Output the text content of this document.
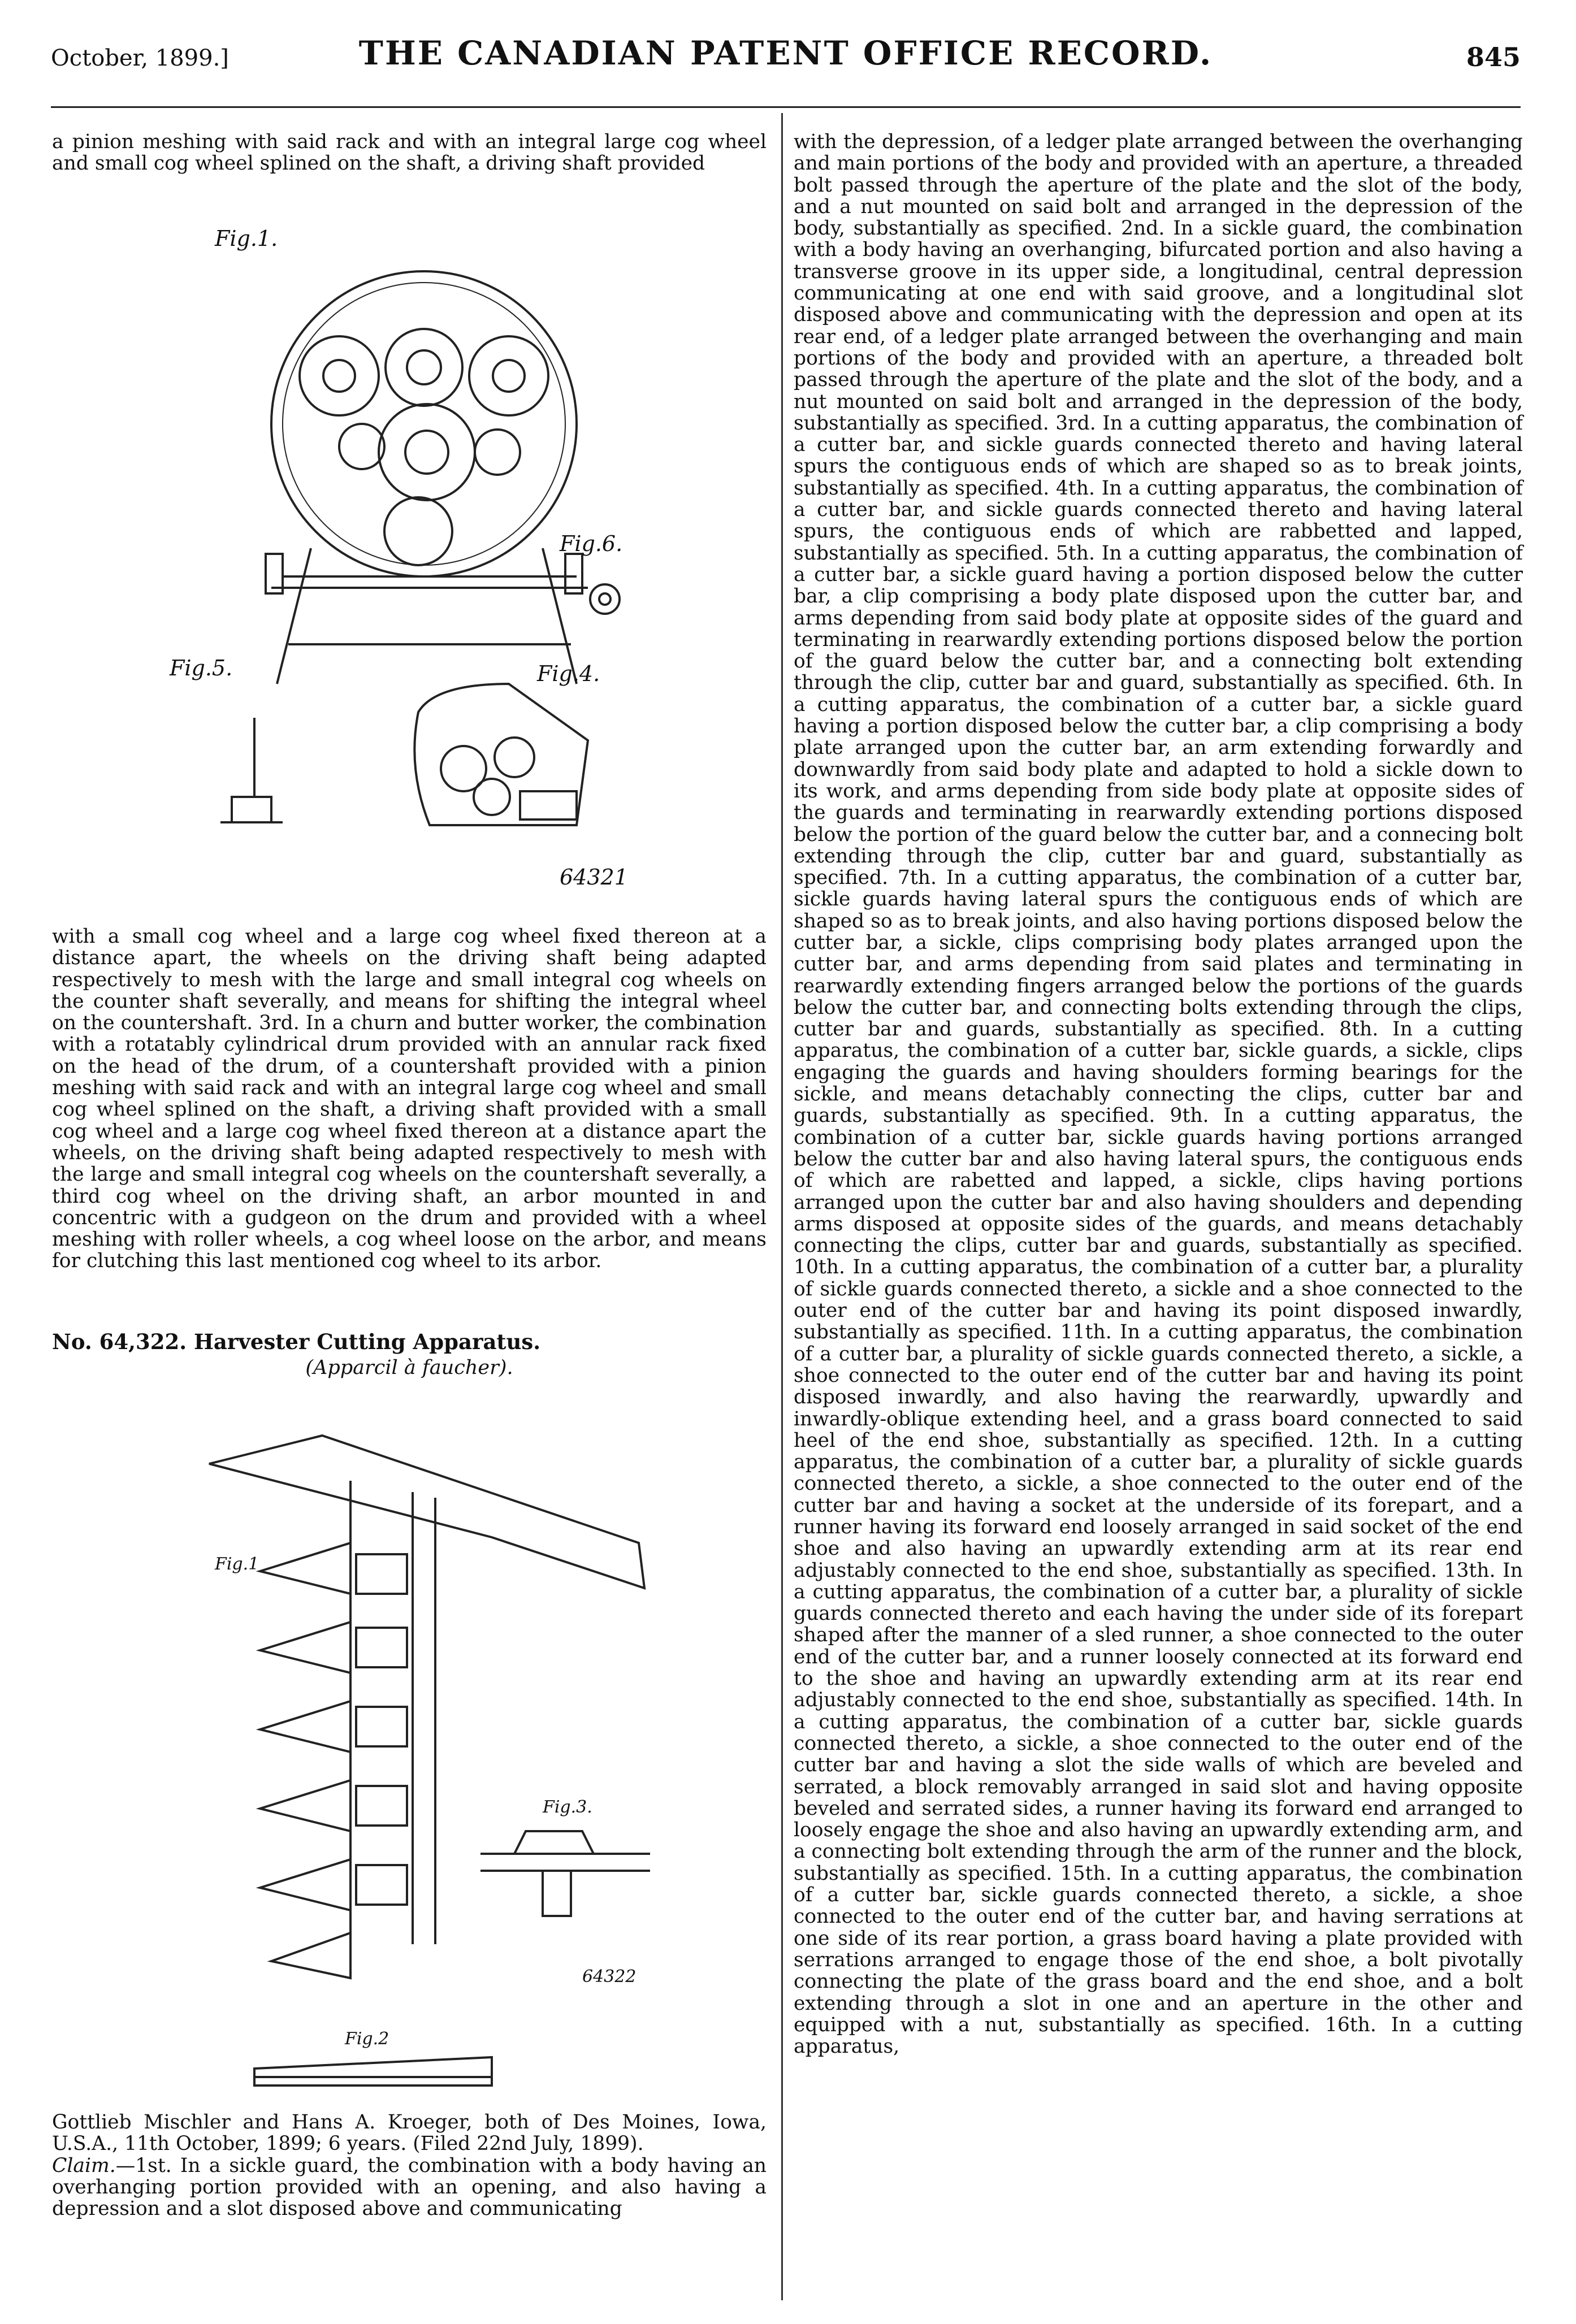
October, 1899.]	THE CANADIAN PATENT OFFICE RECORD.	845

a pinion meshing with said rack and with an integral large cog wheel and small cog wheel splined on the shaft, a driving shaft provided

Fig.1.
Fig.6.
Fig.5.	Fig.4.
64321

with a small cog wheel and a large cog wheel fixed thereon at a distance apart, the wheels on the driving shaft being adapted respectively to mesh with the large and small integral cog wheels on the counter shaft severally, and means for shifting the integral wheel on the countershaft. 3rd. In a churn and butter worker, the combination with a rotatably cylindrical drum provided with an annular rack fixed on the head of the drum, of a countershaft provided with a pinion meshing with said rack and with an integral large cog wheel and small cog wheel splined on the shaft, a driving shaft provided with a small cog wheel and a large cog wheel fixed thereon at a distance apart the wheels, on the driving shaft being adapted respectively to mesh with the large and small integral cog wheels on the countershaft severally, a third cog wheel on the driving shaft, an arbor mounted in and concentric with a gudgeon on the drum and provided with a wheel meshing with roller wheels, a cog wheel loose on the arbor, and means for clutching this last mentioned cog wheel to its arbor.

No. 64,322. Harvester Cutting Apparatus.
(Apparcil à faucher).
Fig.1
Fig.3.
Fig.2
64322

Gottlieb Mischler and Hans A. Kroeger, both of Des Moines, Iowa, U.S.A., 11th October, 1899; 6 years. (Filed 22nd July, 1899).

Claim.—1st. In a sickle guard, the combination with a body having an overhanging portion provided with an opening, and also having a depression and a slot disposed above and communicating

with the depression, of a ledger plate arranged between the overhanging and main portions of the body and provided with an aperture, a threaded bolt passed through the aperture of the plate and the slot of the body, and a nut mounted on said bolt and arranged in the depression of the body, substantially as specified. 2nd. In a sickle guard, the combination with a body having an overhanging, bifurcated portion and also having a transverse groove in its upper side, a longitudinal, central depression communicating at one end with said groove, and a longitudinal slot disposed above and communicating with the depression and open at its rear end, of a ledger plate arranged between the overhanging and main portions of the body and provided with an aperture, a threaded bolt passed through the aperture of the plate and the slot of the body, and a nut mounted on said bolt and arranged in the depression of the body, substantially as specified. 3rd. In a cutting apparatus, the combination of a cutter bar, and sickle guards connected thereto and having lateral spurs the contiguous ends of which are shaped so as to break joints, substantially as specified. 4th. In a cutting apparatus, the combination of a cutter bar, and sickle guards connected thereto and having lateral spurs, the contiguous ends of which are rabbetted and lapped, substantially as specified. 5th. In a cutting apparatus, the combination of a cutter bar, a sickle guard having a portion disposed below the cutter bar, a clip comprising a body plate disposed upon the cutter bar, and arms depending from said body plate at opposite sides of the guard and terminating in rearwardly extending portions disposed below the portion of the guard below the cutter bar, and a connecting bolt extending through the clip, cutter bar and guard, substantially as specified. 6th. In a cutting apparatus, the combination of a cutter bar, a sickle guard having a portion disposed below the cutter bar, a clip comprising a body plate arranged upon the cutter bar, an arm extending forwardly and downwardly from said body plate and adapted to hold a sickle down to its work, and arms depending from side body plate at opposite sides of the guards and terminating in rearwardly extending portions disposed below the portion of the guard below the cutter bar, and a connecing bolt extending through the clip, cutter bar and guard, substantially as specified. 7th. In a cutting apparatus, the combination of a cutter bar, sickle guards having lateral spurs the contiguous ends of which are shaped so as to break joints, and also having portions disposed below the cutter bar, a sickle, clips comprising body plates arranged upon the cutter bar, and arms depending from said plates and terminating in rearwardly extending fingers arranged below the portions of the guards below the cutter bar, and connecting bolts extending through the clips, cutter bar and guards, substantially as specified. 8th. In a cutting apparatus, the combination of a cutter bar, sickle guards, a sickle, clips engaging the guards and having shoulders forming bearings for the sickle, and means detachably connecting the clips, cutter bar and guards, substantially as specified. 9th. In a cutting apparatus, the combination of a cutter bar, sickle guards having portions arranged below the cutter bar and also having lateral spurs, the contiguous ends of which are rabetted and lapped, a sickle, clips having portions arranged upon the cutter bar and also having shoulders and depending arms disposed at opposite sides of the guards, and means detachably connecting the clips, cutter bar and guards, substantially as specified. 10th. In a cutting apparatus, the combination of a cutter bar, a plurality of sickle guards connected thereto, a sickle and a shoe connected to the outer end of the cutter bar and having its point disposed inwardly, substantially as specified. 11th. In a cutting apparatus, the combination of a cutter bar, a plurality of sickle guards connected thereto, a sickle, a shoe connected to the outer end of the cutter bar and having its point disposed inwardly, and also having the rearwardly, upwardly and inwardly-oblique extending heel, and a grass board connected to said heel of the end shoe, substantially as specified. 12th. In a cutting apparatus, the combination of a cutter bar, a plurality of sickle guards connected thereto, a sickle, a shoe connected to the outer end of the cutter bar and having a socket at the underside of its forepart, and a runner having its forward end loosely arranged in said socket of the end shoe and also having an upwardly extending arm at its rear end adjustably connected to the end shoe, substantially as specified. 13th. In a cutting apparatus, the combination of a cutter bar, a plurality of sickle guards connected thereto and each having the under side of its forepart shaped after the manner of a sled runner, a shoe connected to the outer end of the cutter bar, and a runner loosely connected at its forward end to the shoe and having an upwardly extending arm at its rear end adjustably connected to the end shoe, substantially as specified. 14th. In a cutting apparatus, the combination of a cutter bar, sickle guards connected thereto, a sickle, a shoe connected to the outer end of the cutter bar and having a slot the side walls of which are beveled and serrated, a block removably arranged in said slot and having opposite beveled and serrated sides, a runner having its forward end arranged to loosely engage the shoe and also having an upwardly extending arm, and a connecting bolt extending through the arm of the runner and the block, substantially as specified. 15th. In a cutting apparatus, the combination of a cutter bar, sickle guards connected thereto, a sickle, a shoe connected to the outer end of the cutter bar, and having serrations at one side of its rear portion, a grass board having a plate provided with serrations arranged to engage those of the end shoe, a bolt pivotally connecting the plate of the grass board and the end shoe, and a bolt extending through a slot in one and an aperture in the other and equipped with a nut, substantially as specified. 16th. In a cutting apparatus,
